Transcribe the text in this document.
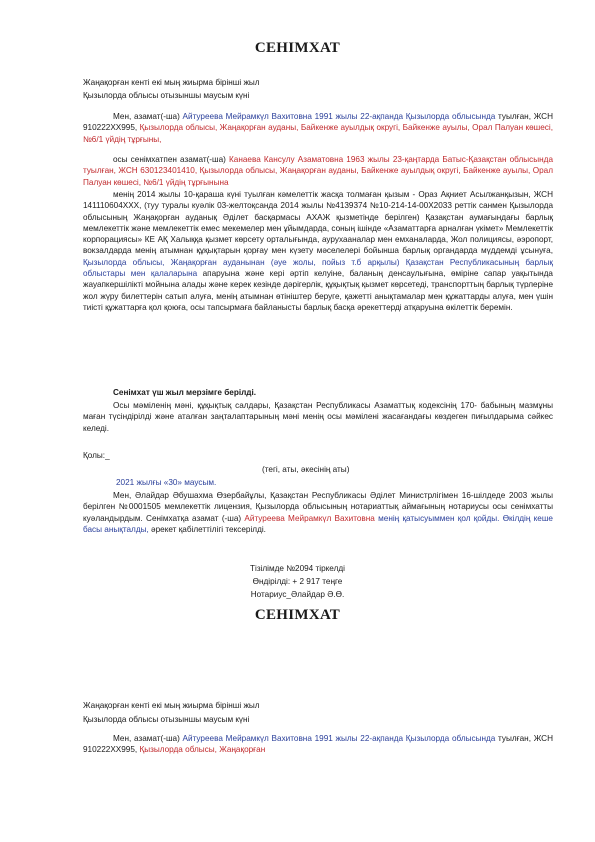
СЕНІМХАТ
Жаңақорған кенті екі мың жиырма бірінші жыл
Қызылорда облысы отызыншы маусым күні
Мен, азамат(-ша) Айтуреева Мейрамкүл Вахитовна 1991 жылы 22-ақпанда Қызылорда облысында туылған, ЖСН 910222ХХ995, Қызылорда облысы, Жаңақорған ауданы, Байкенже ауылдық округі, Байкенже ауылы, Орал Палуан көшесі, №6/1 үйдің тұрғыны,
осы сенімхатпен азамат(-ша) Канаева Кансулу Азаматовна 1963 жылы 23-қаңтарда Батыс-Қазақстан облысында туылған, ЖСН 630123401410, Қызылорда облысы, Жаңақорған ауданы, Байкенже ауылдық округі, Байкенже ауылы, Орал Палуан көшесі, №6/1 үйдің тұрғынына
менің 2014 жылы 10-қараша күні туылған кәмелеттік жасқа толмаған қызым - Ораз Ақниет Асылжанқызын, ЖСН 141110604ХХХ, (туу туралы куәлік 03-желтоқсанда 2014 жылы №4139374 №10-214-14-00Х2033 реттік санмен Қызылорда облысының Жаңақорған ауданық Әділет басқармасы АХАЖ қызметінде берілген) Қазақстан аумағындағы барлық мемлекеттік және мемлекеттік емес мекемелер мен ұйымдарда, соның ішінде «Азаматтарға арналған үкімет» Мемлекеттік корпорациясы» КЕ АҚ Халыққа қызмет көрсету орталығында, аурухааналар мен емханаларда, Жол полициясы, әэропорт, вокзалдарда менің атымнан құқықтарын қорғау мен күзету мәселелері бойынша барлық органдарда мүддемді ұсынуға, Қызылорда облысы, Жаңақорған ауданынан (әуе жолы, пойыз т.б арқылы) Қазақстан Республикасының барлық облыстары мен қалаларына апаруына және кері әртіп келуіне, баланың денсаулығына, өміріне сапар уақытында жауапкершілікті мойнына алады және керек кезінде дәрігерлік, құқықтық қызмет көрсетеді, транспорттың барлық түрлеріне жол жүру билеттерін сатып алуға, менің атымнан өтініштер беруге, қажетті анықтамалар мен құжаттарды алуға, мен үшін тиісті құжаттарға қол қоюға, осы тапсырмаға байланысты барлық басқа әрекеттерді атқаруына өкілеттік беремін.
Сенімхат үш жыл мерзімге берілді.
Осы мәміленің мәні, құқықтық салдары, Қазақстан Республикасы Азаматтық кодексінің 170- бабының мазмұны маған түсіндірілді және аталған заңталаптарының мәні менің осы мәмілені жасағандағы көздеген пиғылдарыма сәйкес келеді.
Қолы:_
(тегі, аты, әкесінің аты)
2021 жылғы «30» маусым.
Мен, Әлайдар Әбушахма Өзербайұлы, Қазақстан Республикасы Әділет Министрлігімен 16-шілдеде 2003 жылы берілген №0001505 мемлекеттік лицензия, Қызылорда облысының нотариаттық аймағының нотариусы осы сенімхатты куәландырдым. Сенімхатқа азамат (-ша) Айтуреева Мейрамкүл Вахитовна менің қатысуыммен қол қойды. Өкілдің кеше басы анықталды, әрекет қабілеттілігі тексерілді.
Тізілімде №2094 тіркелді
Өндірілді: + 2 917 теңге
Нотариус_Әлайдар Ә.Ө.
СЕНІМХАТ
Жаңақорған кенті екі мың жиырма бірінші жыл
Қызылорда облысы отызыншы маусым күні
Мен, азамат(-ша) Айтуреева Мейрамкүл Вахитовна 1991 жылы 22-ақпанда Қызылорда облысында туылған, ЖСН 910222ХХ995, Қызылорда облысы, Жаңақорған
